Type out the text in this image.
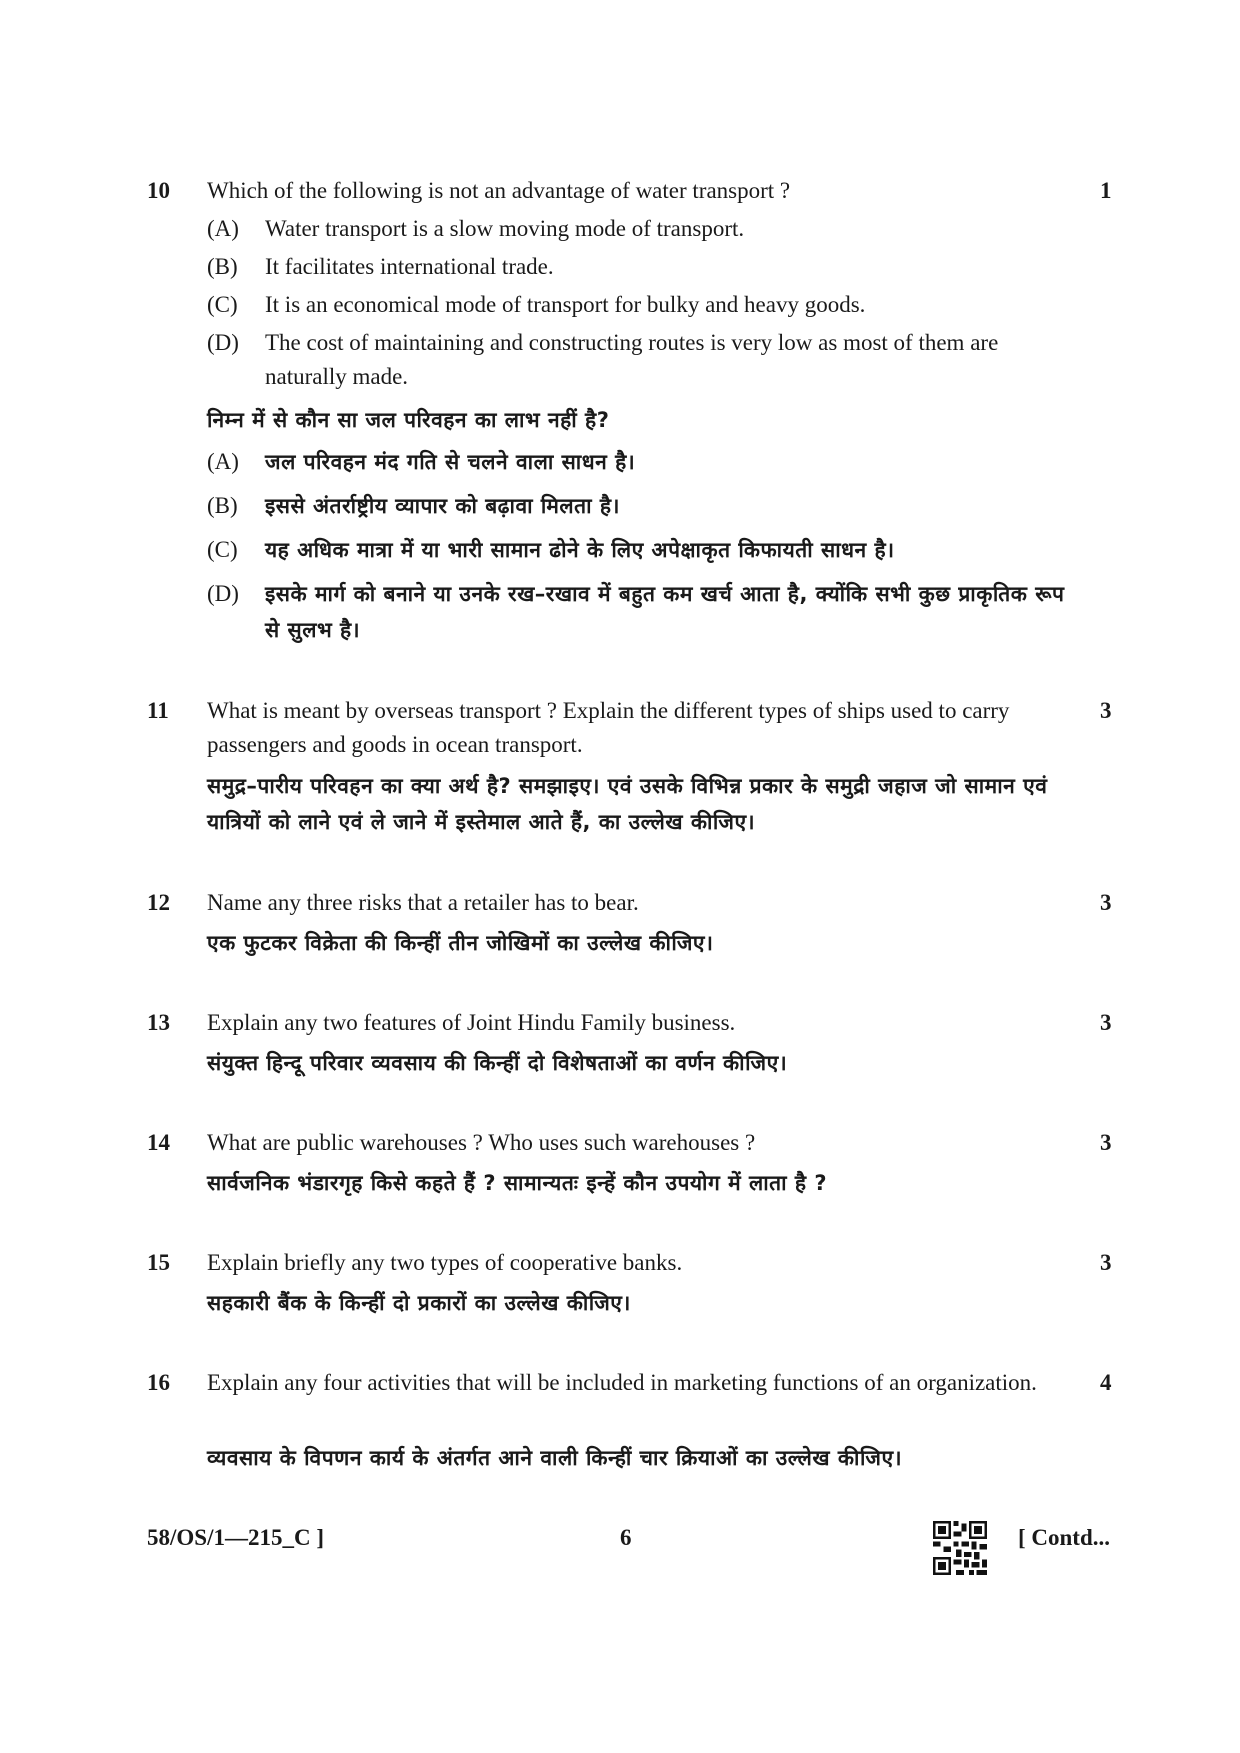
10	1
Which of the following is not an advantage of water transport ?
(A) Water transport is a slow moving mode of transport.
(B) It facilitates international trade.
(C) It is an economical mode of transport for bulky and heavy goods.
(D) The cost of maintaining and constructing routes is very low as most of them are naturally made.
निम्न में से कौन सा जल परिवहन का लाभ नहीं है?
(A) जल परिवहन मंद गति से चलने वाला साधन है।
(B) इससे अंतर्राष्ट्रीय व्यापार को बढ़ावा मिलता है।
(C) यह अधिक मात्रा में या भारी सामान ढोने के लिए अपेक्षाकृत किफायती साधन है।
(D) इसके मार्ग को बनाने या उनके रख–रखाव में बहुत कम खर्च आता है, क्योंकि सभी कुछ प्राकृतिक रूप से सुलभ है।
11	3
What is meant by overseas transport ? Explain the different types of ships used to carry passengers and goods in ocean transport.
समुद्र–पारीय परिवहन का क्या अर्थ है? समझाइए। एवं उसके विभिन्न प्रकार के समुद्री जहाज जो सामान एवं यात्रियों को लाने एवं ले जाने में इस्तेमाल आते हैं, का उल्लेख कीजिए।
12	3
Name any three risks that a retailer has to bear.
एक फुटकर विक्रेता की किन्हीं तीन जोखिमों का उल्लेख कीजिए।
13	3
Explain any two features of Joint Hindu Family business.
संयुक्त हिन्दू परिवार व्यवसाय की किन्हीं दो विशेषताओं का वर्णन कीजिए।
14	3
What are public warehouses ? Who uses such warehouses ?
सार्वजनिक भंडारगृह किसे कहते हैं ? सामान्यतः इन्हें कौन उपयोग में लाता है ?
15	3
Explain briefly any two types of cooperative banks.
सहकारी बैंक के किन्हीं दो प्रकारों का उल्लेख कीजिए।
16	4
Explain any four activities that will be included in marketing functions of an organization.
व्यवसाय के विपणन कार्य के अंतर्गत आने वाली किन्हीं चार क्रियाओं का उल्लेख कीजिए।
58/OS/1—215_C ]	6	[ Contd...
